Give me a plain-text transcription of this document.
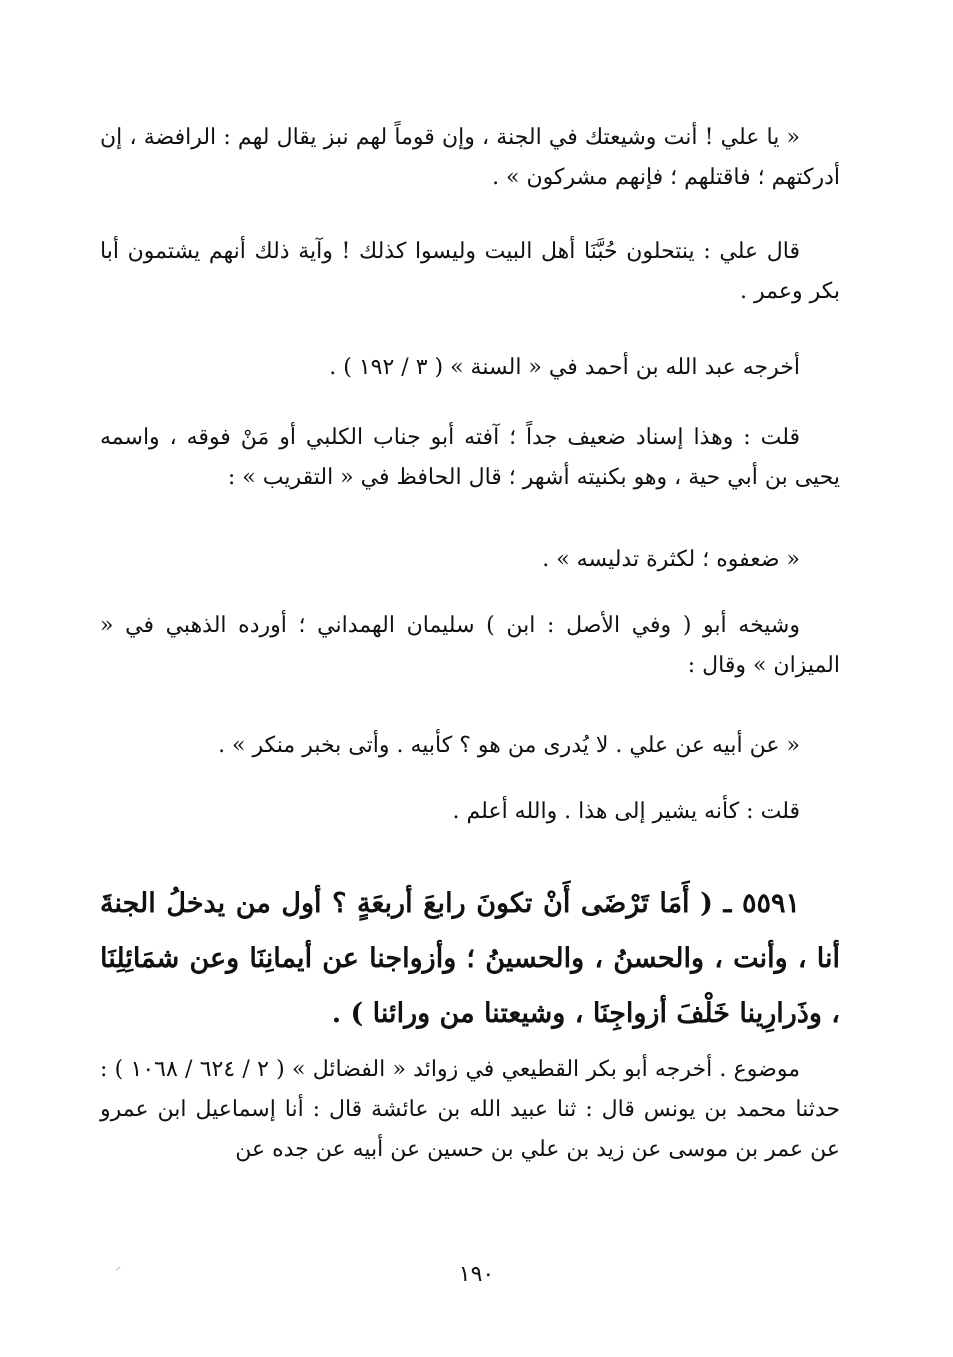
« يا علي ! أنت وشيعتك في الجنة ، وإن قوماً لهم نبز يقال لهم : الرافضة ، إن أدركتهم ؛ فاقتلهم ؛ فإنهم مشركون » .

قال علي : ينتحلون حُبَّنَا أهل البيت وليسوا كذلك ! وآية ذلك أنهم يشتمون أبا بكر وعمر .

أخرجه عبد الله بن أحمد في « السنة » ( ٣ / ١٩٢ ) .

قلت : وهذا إسناد ضعيف جداً ؛ آفته أبو جناب الكلبي أو مَنْ فوقه ، واسمه يحيى بن أبي حية ، وهو بكنيته أشهر ؛ قال الحافظ في « التقريب » :

« ضعفوه ؛ لكثرة تدليسه » .

وشيخه أبو ( وفي الأصل : ابن ) سليمان الهمداني ؛ أورده الذهبي في « الميزان » وقال :

« عن أبيه عن علي . لا يُدرى من هو ؟ كأبيه . وأتى بخبر منكر » .

قلت : كأنه يشير إلى هذا . والله أعلم .

٥٥٩١ ـ ( أَمَا تَرْضَى أَنْ تكونَ رابعَ أربعَةٍ ؟ أول من يدخلُ الجنةَ أنا ، وأنت ، والحسنُ ، والحسينُ ؛ وأزواجنا عن أيمانِنَا وعن شمَائِلِنَا ، وذَرارِينا خَلْفَ أزواجِنَا ، وشيعتنا من ورائنا ) .

موضوع . أخرجه أبو بكر القطيعي في زوائد « الفضائل » ( ٢ / ٦٢٤ / ١٠٦٨ ) : حدثنا محمد بن يونس قال : ثنا عبيد الله بن عائشة قال : أنا إسماعيل ابن عمرو عن عمر بن موسى عن زيد بن علي بن حسين عن أبيه عن جده عن

١٩٠
